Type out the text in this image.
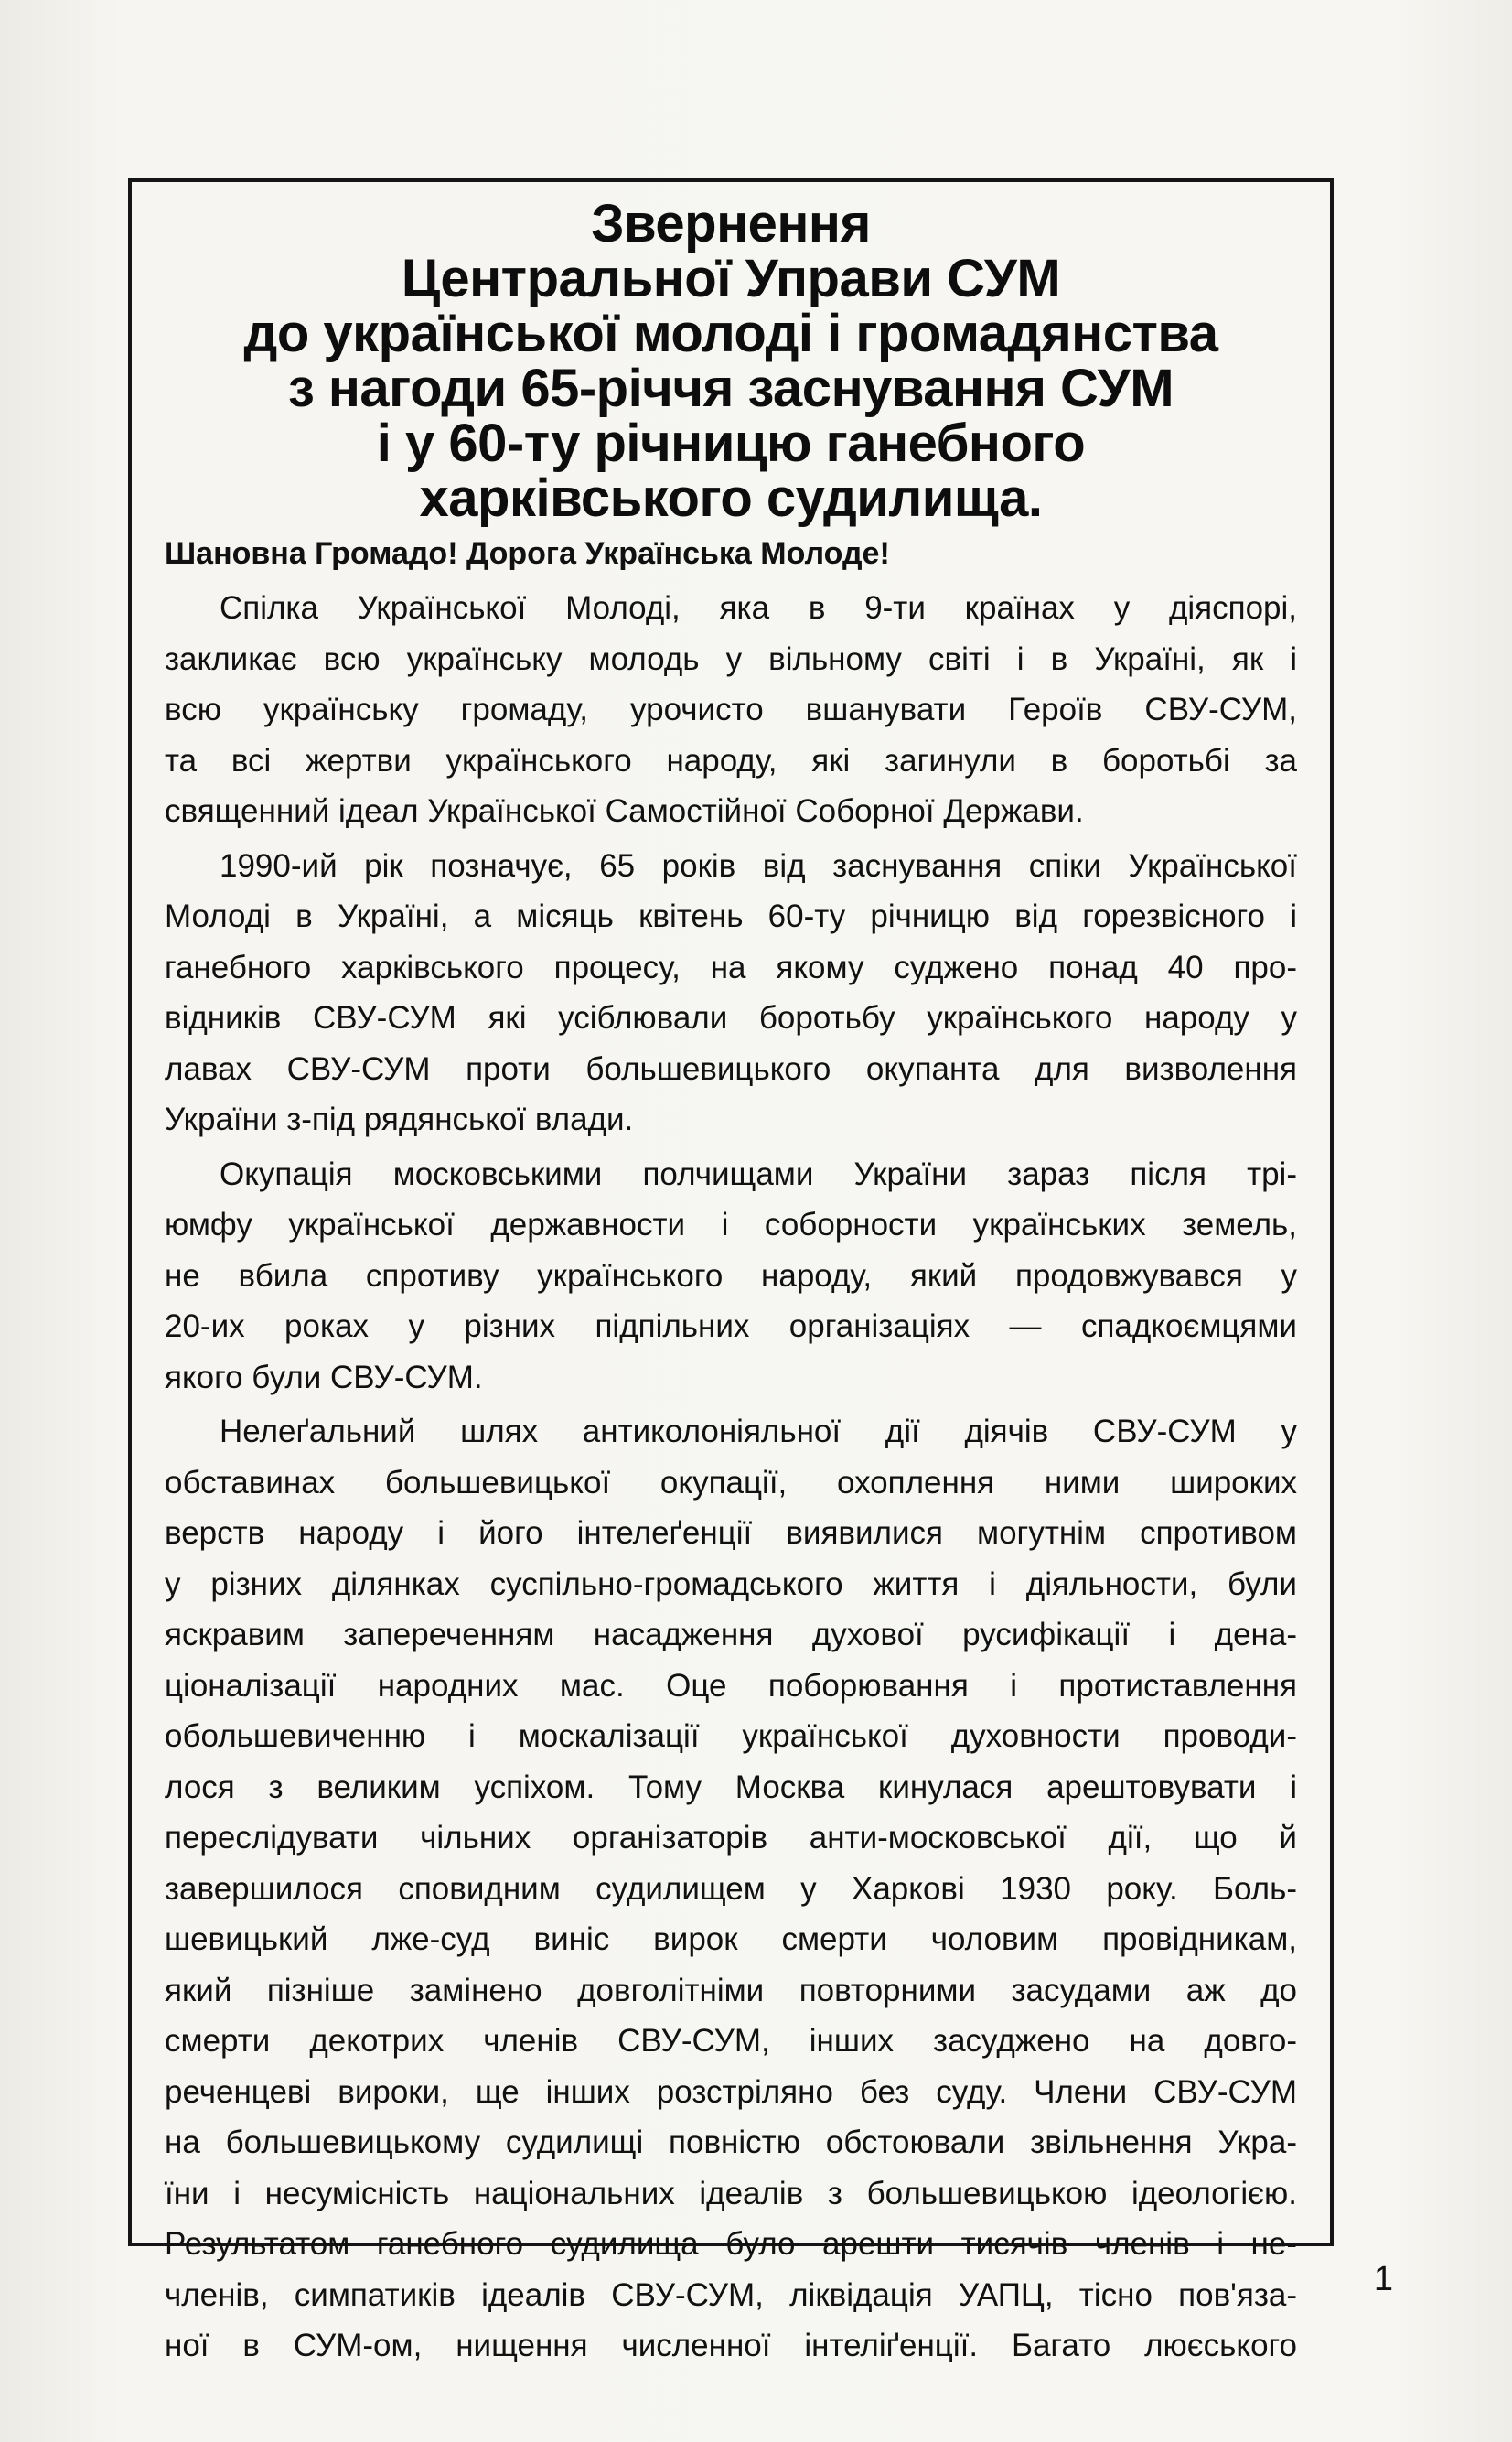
Звернення
Центральної Управи СУМ
до української молоді і громадянства
з нагоди 65-річчя заснування СУМ
і у 60-ту річницю ганебного
харківського судилища.
Шановна Громадо! Дорога Українська Молоде!
Спілка Української Молоді, яка в 9-ти країнах у діяспорі,
закликає всю українську молодь у вільному світі і в Україні, як і
всю українську громаду, урочисто вшанувати Героїв СВУ-СУМ,
та всі жертви українського народу, які загинули в боротьбі за
священний ідеал Української Самостійної Соборної Держави.
1990-ий рік позначує, 65 років від заснування спіки Української
Молоді в Україні, а місяць квітень 60-ту річницю від горезвісного і
ганебного харківського процесу, на якому суджено понад 40 про-
відників СВУ-СУМ які усіблювали боротьбу українського народу у
лавах СВУ-СУМ проти большевицького окупанта для визволення
України з-під рядянської влади.
Окупація московськими полчищами України зараз після трі-
юмфу української державности і соборности українських земель,
не вбила спротиву українського народу, який продовжувався у
20-их роках у різних підпільних організаціях — спадкоємцями
якого були СВУ-СУМ.
Нелеґальний шлях антиколоніяльної дії діячів СВУ-СУМ у
обставинах большевицької окупації, охоплення ними широких
верств народу і його інтелеґенції виявилися могутнім спротивом
у різних ділянках суспільно-громадського життя і діяльности, були
яскравим запереченням насадження духової русифікації і дена-
ціоналізації народних мас. Оце поборювання і протиставлення
обольшевиченню і москалізації української духовности проводи-
лося з великим успіхом. Тому Москва кинулася арештовувати і
переслідувати чільних організаторів анти-московської дії, що й
завершилося сповидним судилищем у Харкові 1930 року. Боль-
шевицький лже-суд виніс вирок смерти чоловим провідникам,
який пізніше замінено довголітніми повторними засудами аж до
смерти декотрих членів СВУ-СУМ, інших засуджено на довго-
реченцеві вироки, ще інших розстріляно без суду. Члени СВУ-СУМ
на большевицькому судилищі повністю обстоювали звільнення Укра-
їни і несумісність національних ідеалів з большевицькою ідеологією.
Результатом ганебного судилища було арешти тисячів членів і не-
членів, симпатиків ідеалів СВУ-СУМ, ліквідація УАПЦ, тісно пов'яза-
ної в СУМ-ом, нищення численної інтеліґенції. Багато люєського
1
